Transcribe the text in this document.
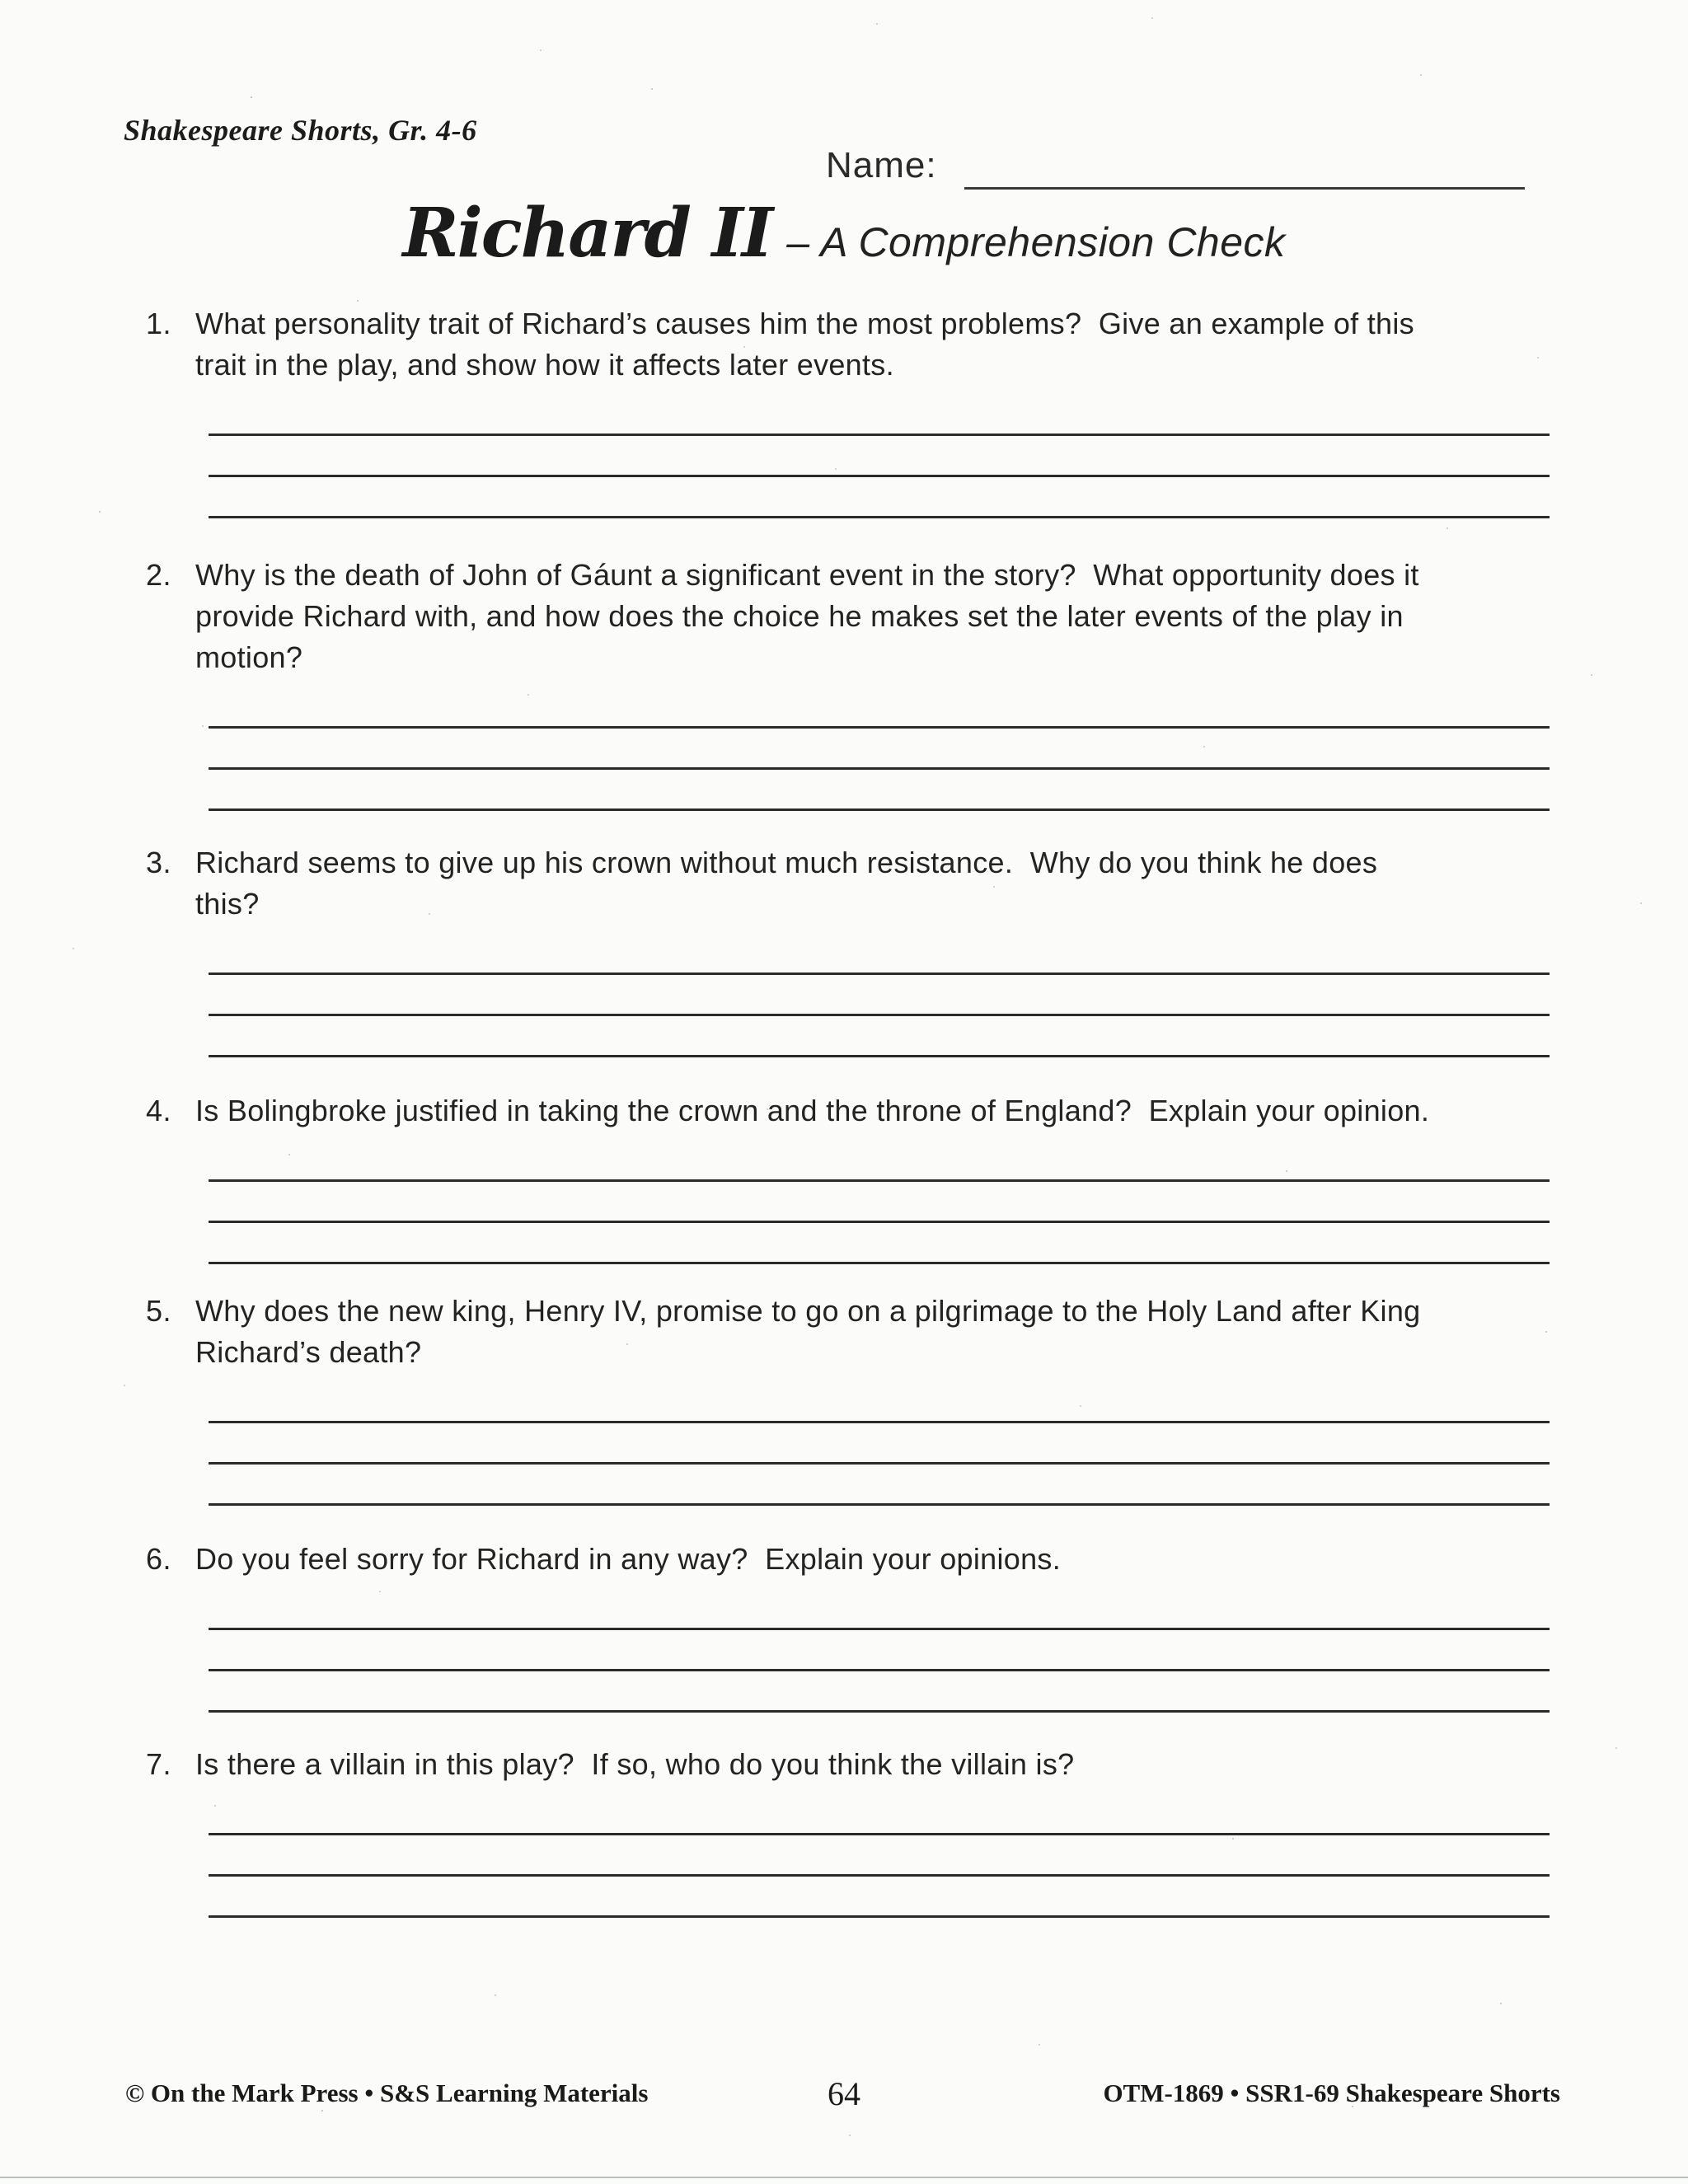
Shakespeare Shorts, Gr. 4-6
Name:
Richard II – A Comprehension Check
1. What personality trait of Richard’s causes him the most problems?  Give an example of this
trait in the play, and show how it affects later events.
2. Why is the death of John of Gáunt a significant event in the story?  What opportunity does it
provide Richard with, and how does the choice he makes set the later events of the play in
motion?
3. Richard seems to give up his crown without much resistance.  Why do you think he does
this?
4. Is Bolingbroke justified in taking the crown and the throne of England?  Explain your opinion.
5. Why does the new king, Henry IV, promise to go on a pilgrimage to the Holy Land after King
Richard’s death?
6. Do you feel sorry for Richard in any way?  Explain your opinions.
7. Is there a villain in this play?  If so, who do you think the villain is?
© On the Mark Press • S&S Learning Materials	64	OTM-1869 • SSR1-69 Shakespeare Shorts
